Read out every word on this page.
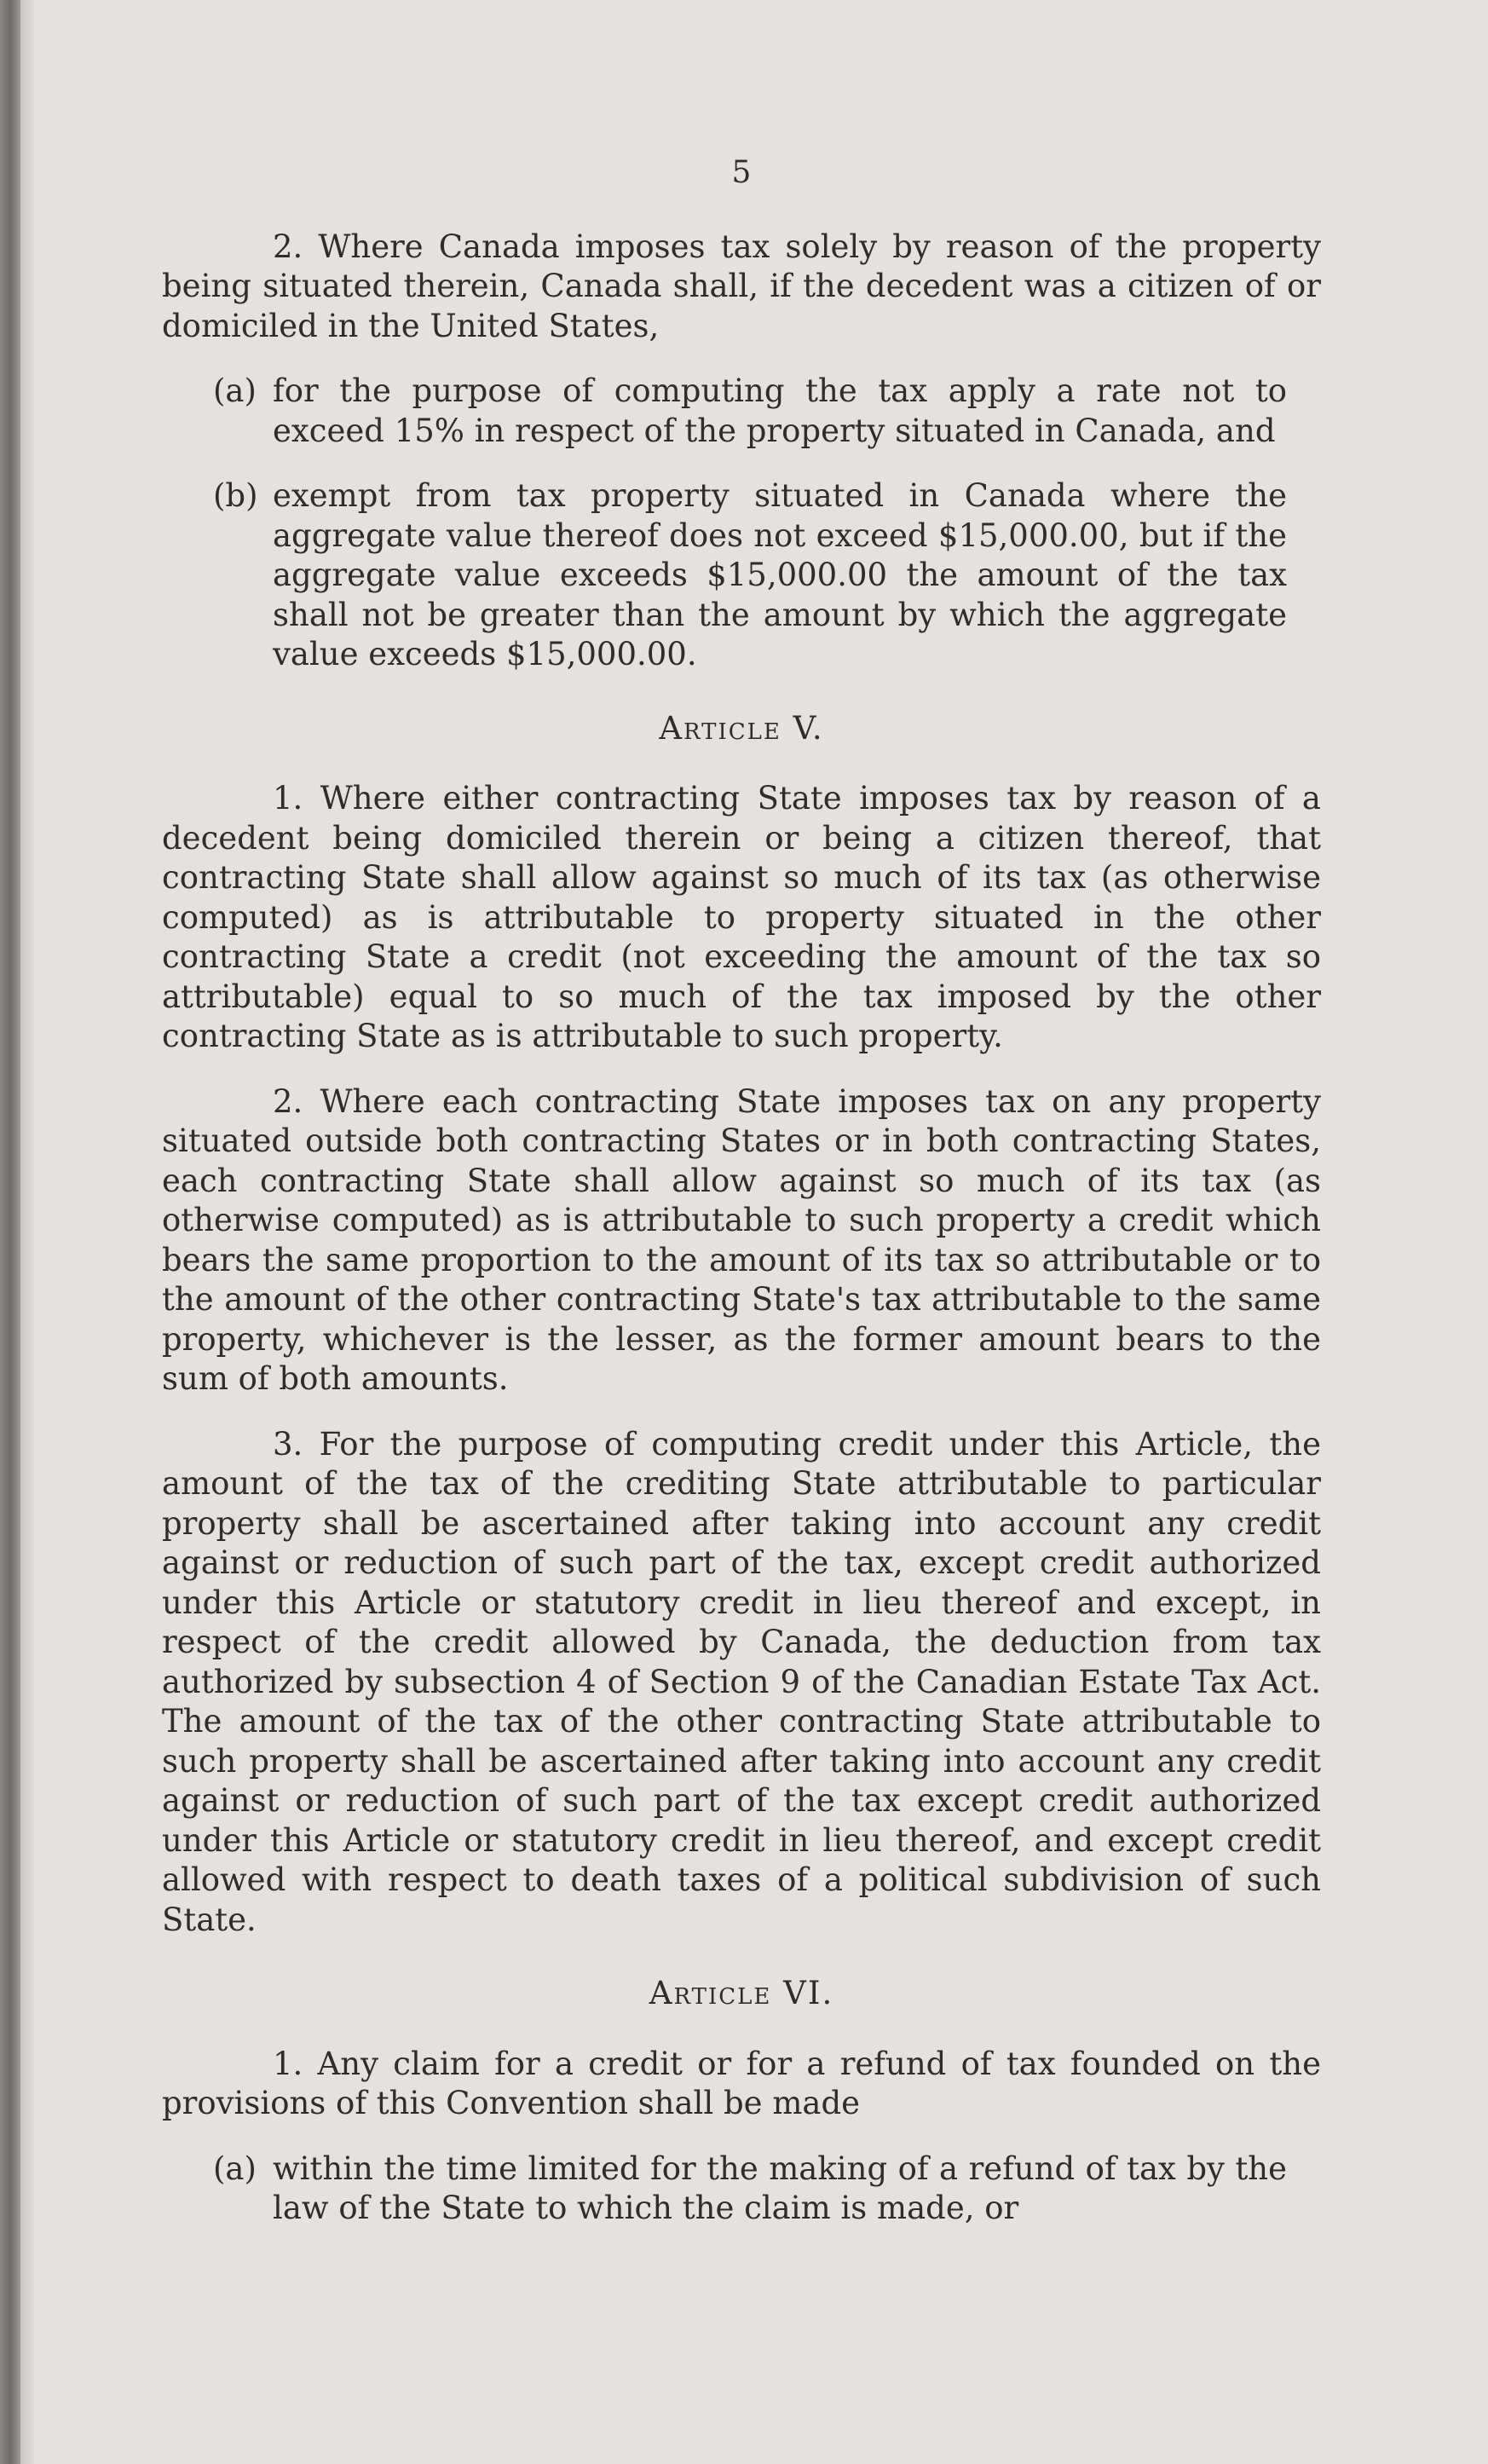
5

2. Where Canada imposes tax solely by reason of the property being situated therein, Canada shall, if the decedent was a citizen of or domiciled in the United States,

(a) for the purpose of computing the tax apply a rate not to exceed 15% in respect of the property situated in Canada, and
(b) exempt from tax property situated in Canada where the aggregate value thereof does not exceed $15,000.00, but if the aggregate value exceeds $15,000.00 the amount of the tax shall not be greater than the amount by which the aggregate value exceeds $15,000.00.
Article V.

1. Where either contracting State imposes tax by reason of a decedent being domiciled therein or being a citizen thereof, that contracting State shall allow against so much of its tax (as otherwise computed) as is attributable to property situated in the other contracting State a credit (not exceeding the amount of the tax so attributable) equal to so much of the tax imposed by the other contracting State as is attributable to such property.

2. Where each contracting State imposes tax on any property situated outside both contracting States or in both contracting States, each contracting State shall allow against so much of its tax (as otherwise computed) as is attributable to such property a credit which bears the same proportion to the amount of its tax so attributable or to the amount of the other contracting State's tax attributable to the same property, whichever is the lesser, as the former amount bears to the sum of both amounts.

3. For the purpose of computing credit under this Article, the amount of the tax of the crediting State attributable to particular property shall be ascertained after taking into account any credit against or reduction of such part of the tax, except credit authorized under this Article or statutory credit in lieu thereof and except, in respect of the credit allowed by Canada, the deduction from tax authorized by subsection 4 of Section 9 of the Canadian Estate Tax Act. The amount of the tax of the other contracting State attributable to such property shall be ascertained after taking into account any credit against or reduction of such part of the tax except credit authorized under this Article or statutory credit in lieu thereof, and except credit allowed with respect to death taxes of a political subdivision of such State.

Article VI.

1. Any claim for a credit or for a refund of tax founded on the provisions of this Convention shall be made

(a) within the time limited for the making of a refund of tax by the law of the State to which the claim is made, or
